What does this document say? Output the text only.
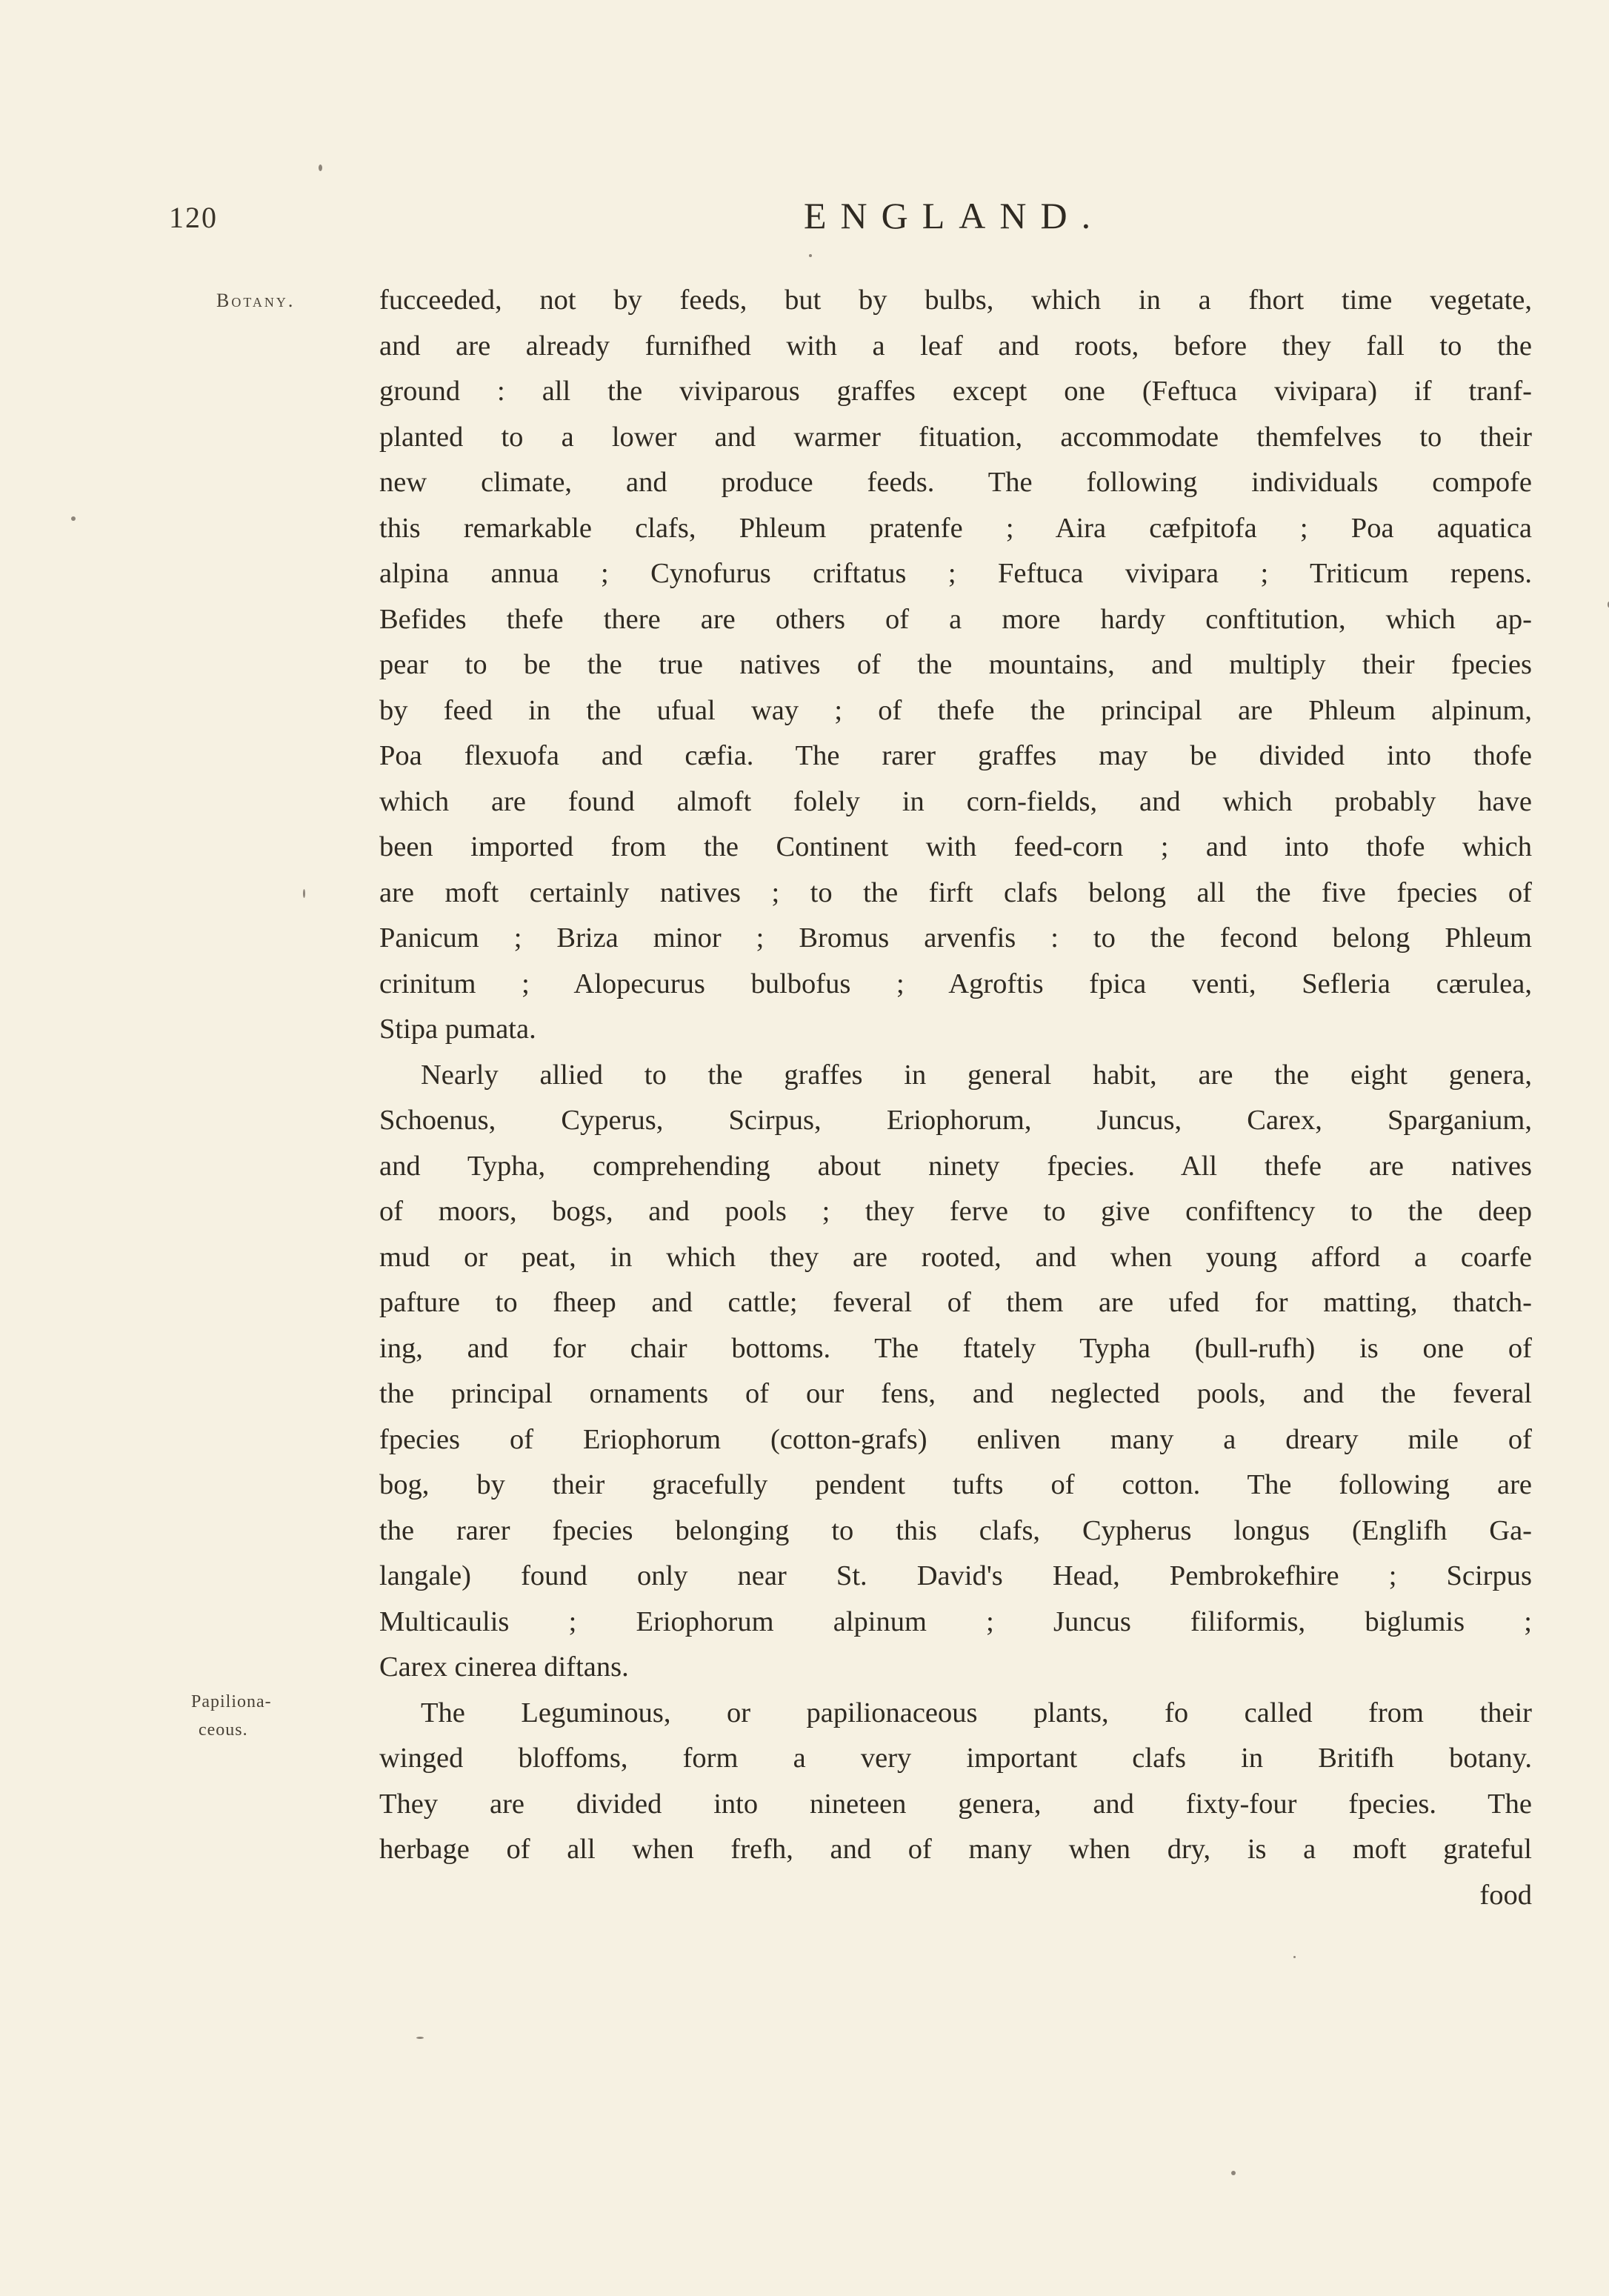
120	ENGLAND.
Botany.
Papiliona-
ceous.
fucceeded, not by feeds, but by bulbs, which in a fhort time vegetate,
and are already furnifhed with a leaf and roots, before they fall to the
ground : all the viviparous graffes except one (Feftuca vivipara) if tranf-
planted to a lower and warmer fituation, accommodate themfelves to their
new climate, and produce feeds. The following individuals compofe
this remarkable clafs, Phleum pratenfe ; Aira cæfpitofa ; Poa aquatica
alpina annua ; Cynofurus criftatus ; Feftuca vivipara ; Triticum repens.
Befides thefe there are others of a more hardy conftitution, which ap-
pear to be the true natives of the mountains, and multiply their fpecies
by feed in the ufual way ; of thefe the principal are Phleum alpinum,
Poa flexuofa and cæfia. The rarer graffes may be divided into thofe
which are found almoft folely in corn-fields, and which probably have
been imported from the Continent with feed-corn ; and into thofe which
are moft certainly natives ; to the firft clafs belong all the five fpecies of
Panicum ; Briza minor ; Bromus arvenfis : to the fecond belong Phleum
crinitum ; Alopecurus bulbofus ; Agroftis fpica venti, Sefleria cærulea,
Stipa pumata.
Nearly allied to the graffes in general habit, are the eight genera,
Schoenus, Cyperus, Scirpus, Eriophorum, Juncus, Carex, Sparganium,
and Typha, comprehending about ninety fpecies. All thefe are natives
of moors, bogs, and pools ; they ferve to give confiftency to the deep
mud or peat, in which they are rooted, and when young afford a coarfe
pafture to fheep and cattle; feveral of them are ufed for matting, thatch-
ing, and for chair bottoms. The ftately Typha (bull-rufh) is one of
the principal ornaments of our fens, and neglected pools, and the feveral
fpecies of Eriophorum (cotton-grafs) enliven many a dreary mile of
bog, by their gracefully pendent tufts of cotton. The following are
the rarer fpecies belonging to this clafs, Cypherus longus (Englifh Ga-
langale) found only near St. David's Head, Pembrokefhire ; Scirpus
Multicaulis ; Eriophorum alpinum ; Juncus filiformis, biglumis ;
Carex cinerea diftans.
The Leguminous, or papilionaceous plants, fo called from their
winged bloffoms, form a very important clafs in Britifh botany.
They are divided into nineteen genera, and fixty-four fpecies. The
herbage of all when frefh, and of many when dry, is a moft grateful
food
